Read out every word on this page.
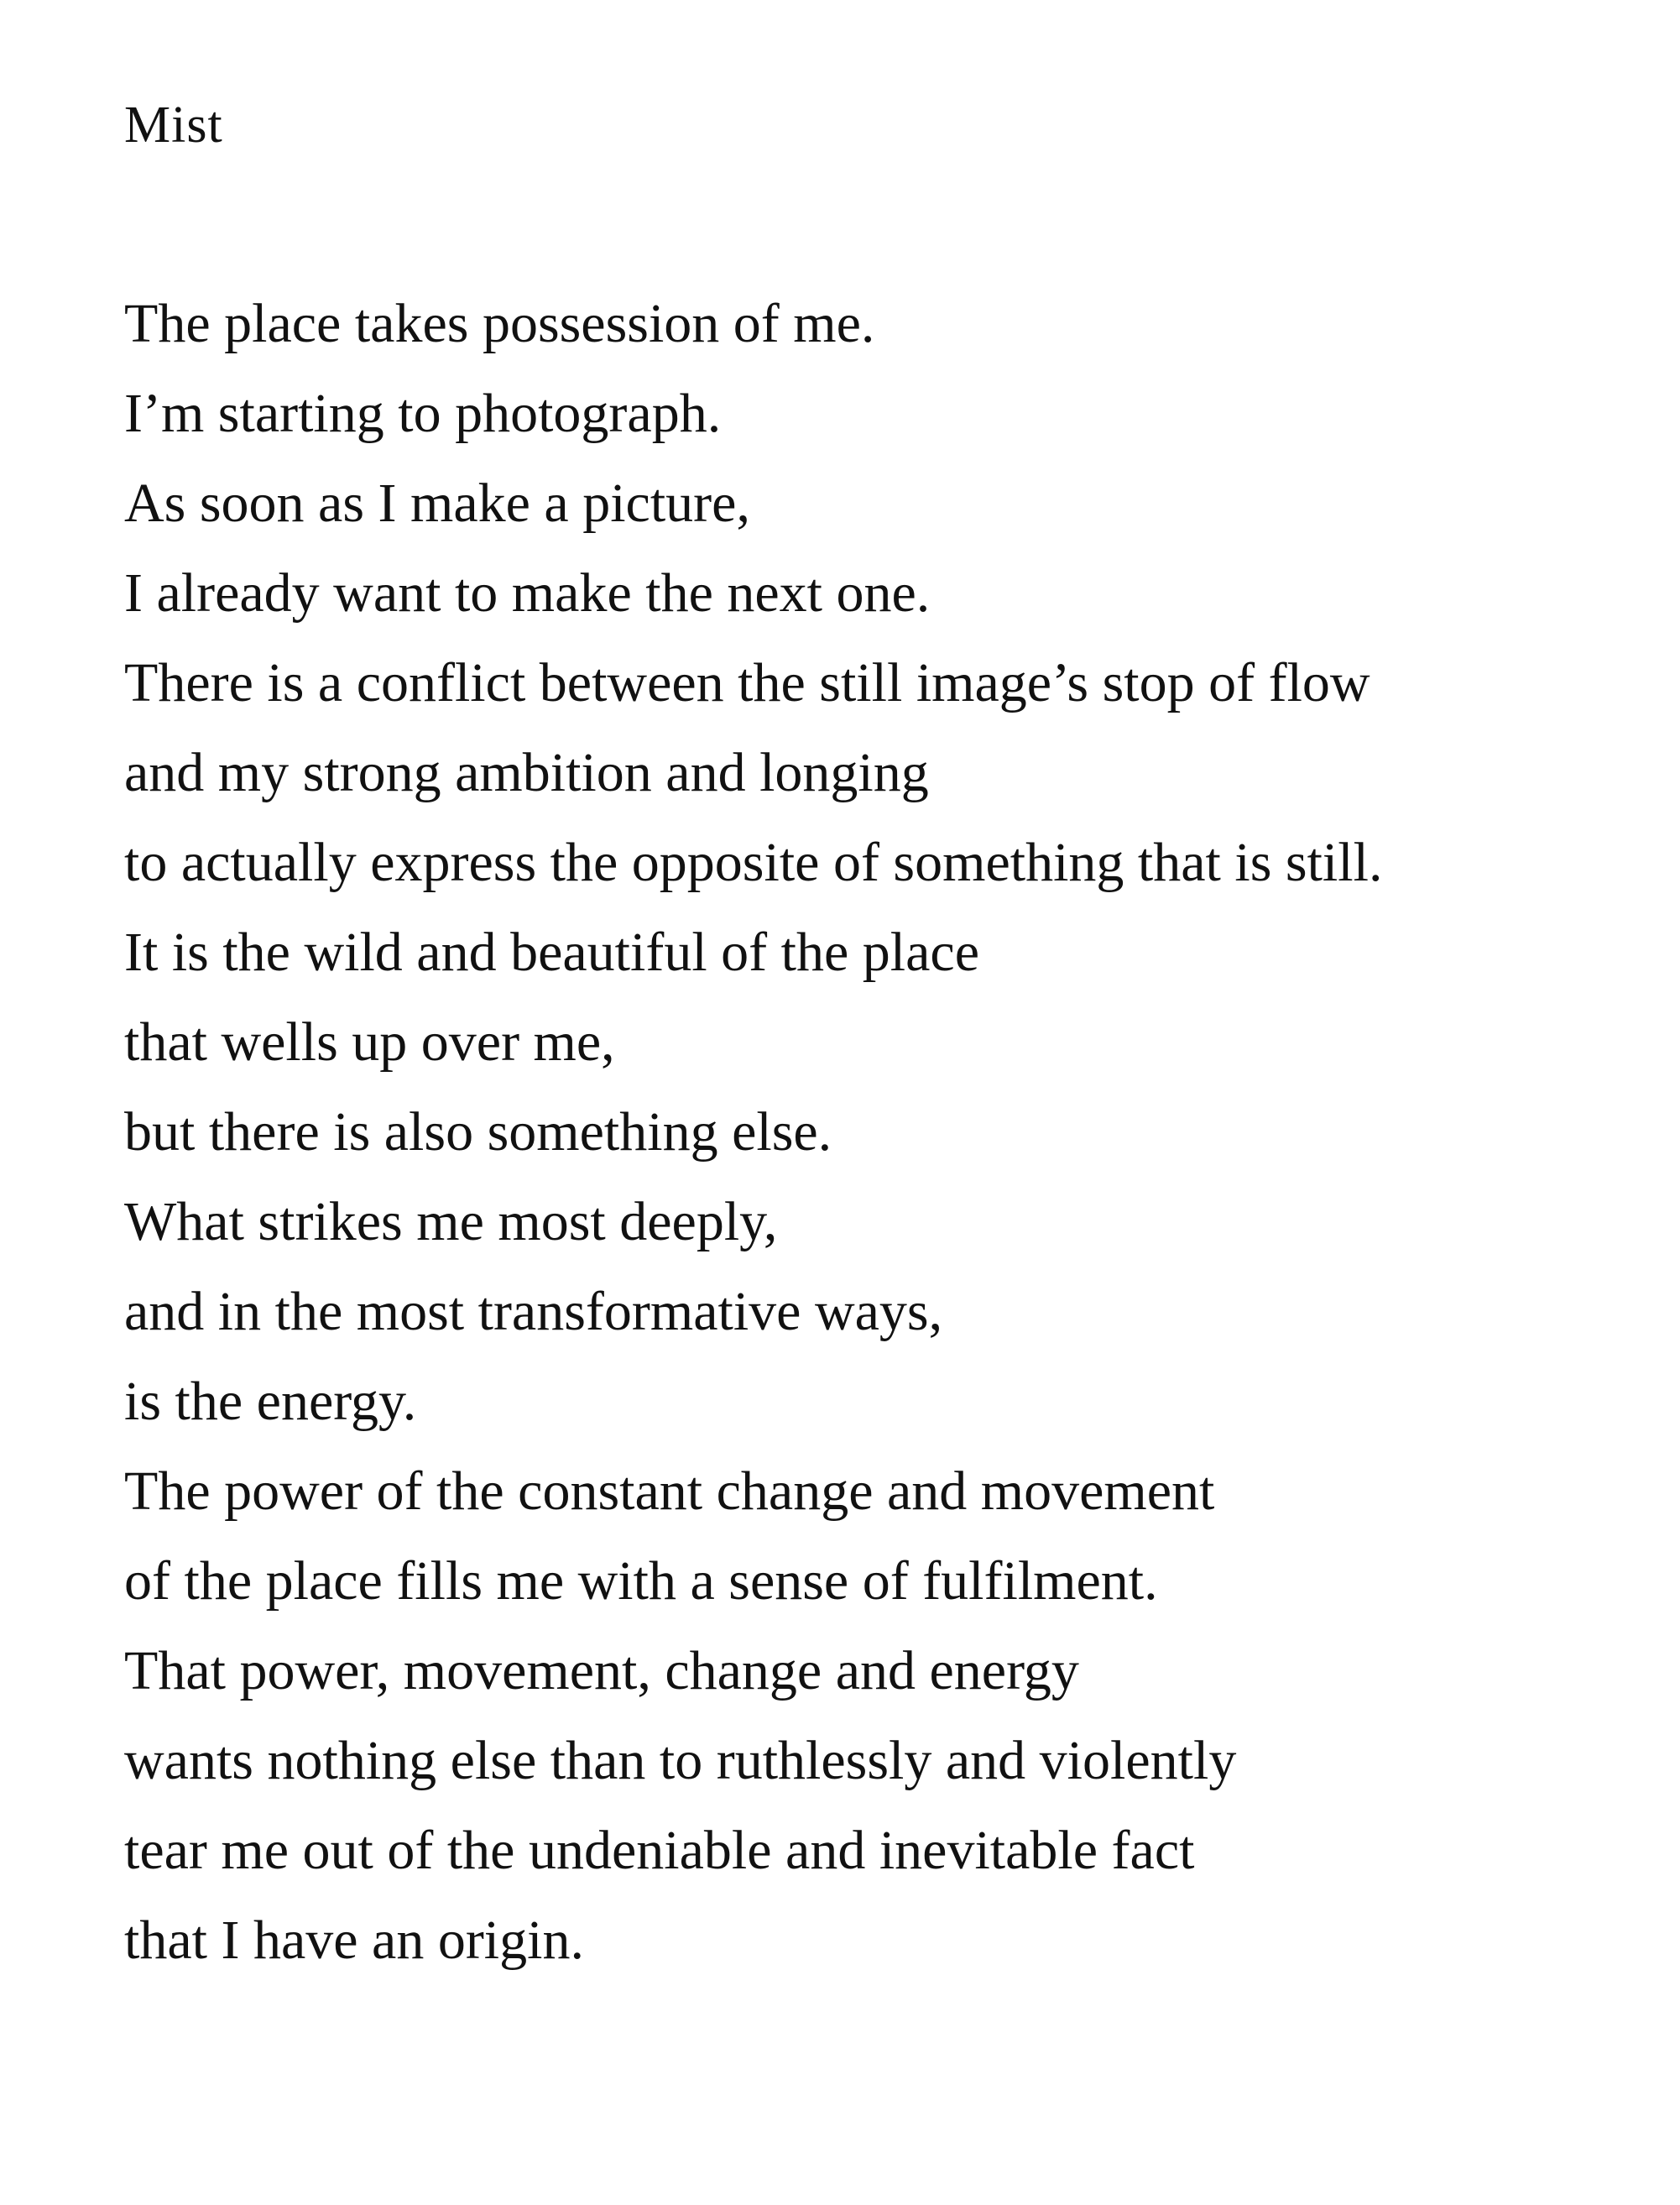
Mist
The place takes possession of me.
I’m starting to photograph.
As soon as I make a picture,
I already want to make the next one.
There is a conflict between the still image’s stop of flow
and my strong ambition and longing
to actually express the opposite of something that is still.
It is the wild and beautiful of the place
that wells up over me,
but there is also something else.
What strikes me most deeply,
and in the most transformative ways,
is the energy.
The power of the constant change and movement
of the place fills me with a sense of fulfilment.
That power, movement, change and energy
wants nothing else than to ruthlessly and violently
tear me out of the undeniable and inevitable fact
that I have an origin.
